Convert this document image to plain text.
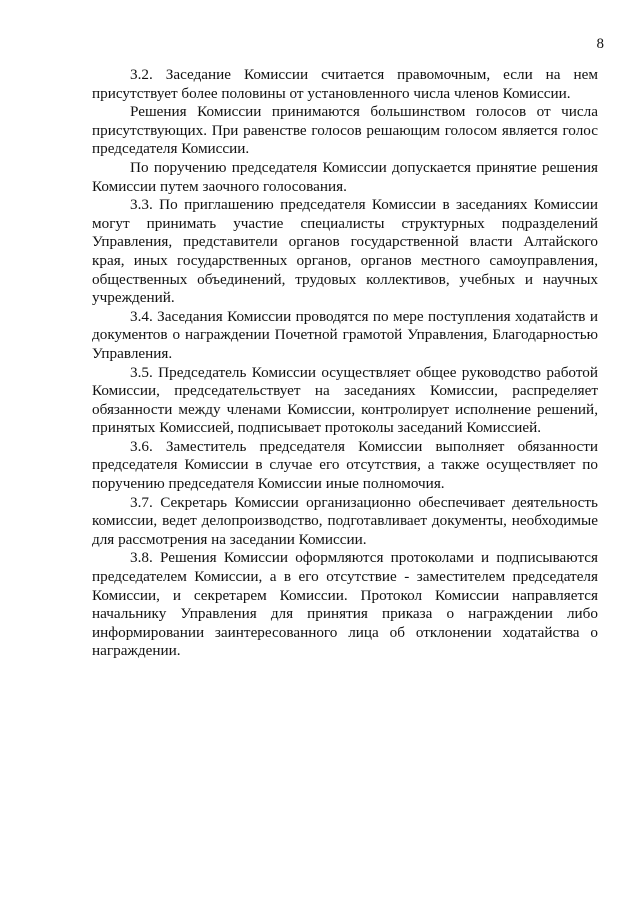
8

3.2. Заседание Комиссии считается правомочным, если на нем присутствует более половины от установленного числа членов Комиссии.

Решения Комиссии принимаются большинством голосов от числа присутствующих. При равенстве голосов решающим голосом является голос председателя Комиссии.

По поручению председателя Комиссии допускается принятие решения Комиссии путем заочного голосования.

3.3. По приглашению председателя Комиссии в заседаниях Комиссии могут принимать участие специалисты структурных подразделений Управления, представители органов государственной власти Алтайского края, иных государственных органов, органов местного самоуправления, общественных объединений, трудовых коллективов, учебных и научных учреждений.

3.4. Заседания Комиссии проводятся по мере поступления ходатайств и документов о награждении Почетной грамотой Управления, Благодарностью Управления.

3.5. Председатель Комиссии осуществляет общее руководство работой Комиссии, председательствует на заседаниях Комиссии, распределяет обязанности между членами Комиссии, контролирует исполнение решений, принятых Комиссией, подписывает протоколы заседаний Комиссией.

3.6. Заместитель председателя Комиссии выполняет обязанности председателя Комиссии в случае его отсутствия, а также осуществляет по поручению председателя Комиссии иные полномочия.

3.7. Секретарь Комиссии организационно обеспечивает деятельность комиссии, ведет делопроизводство, подготавливает документы, необходимые для рассмотрения на заседании Комиссии.

3.8. Решения Комиссии оформляются протоколами и подписываются председателем Комиссии, а в его отсутствие - заместителем председателя Комиссии, и секретарем Комиссии. Протокол Комиссии направляется начальнику Управления для принятия приказа о награждении либо информировании заинтересованного лица об отклонении ходатайства о награждении.
